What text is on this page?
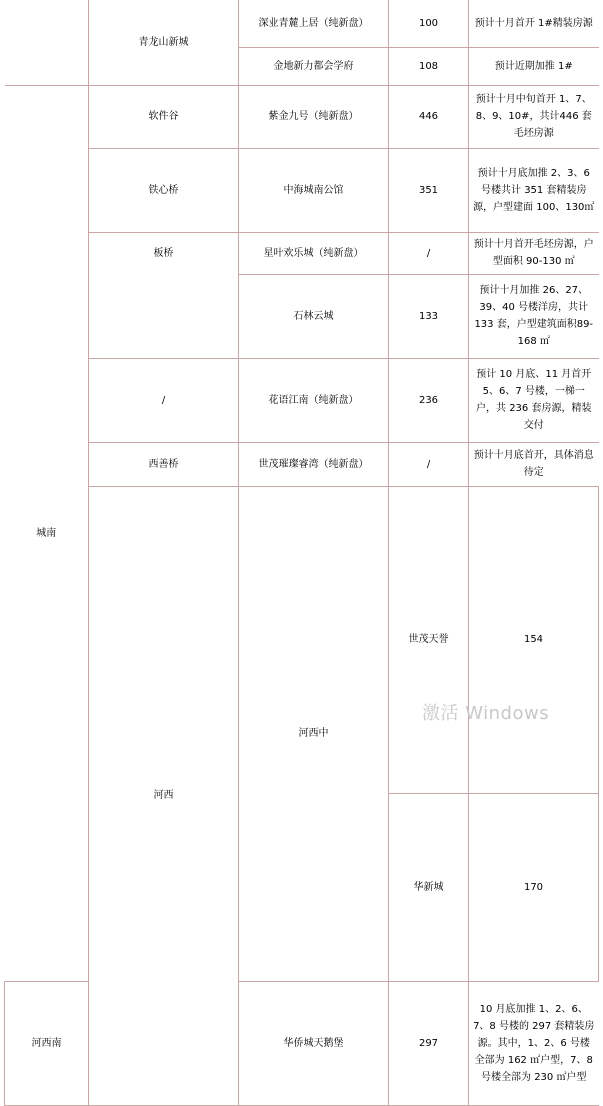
	青龙山新城	深业青麓上居（纯新盘）	100	预计十月首开 1#精装房源	
		金地新力都会学府	108	预计近期加推 1#	
城南	软件谷	紫金九号（纯新盘）	446	预计十月中旬首开 1、7、8、9、10#，共计446 套毛坯房源	
	铁心桥	中海城南公馆	351	预计十月底加推 2、3、6号楼共计 351 套精装房源，户型建面 100、130㎡	
	板桥	星叶欢乐城（纯新盘）	/	预计十月首开毛坯房源，户型面积 90-130 ㎡	
		石林云城	133	预计十月加推 26、27、39、40 号楼洋房，共计133 套，户型建筑面积89-168 ㎡	
	/	花语江南（纯新盘）	236	预计 10 月底、11 月首开5、6、7 号楼，一梯一户，共 236 套房源，精装交付	
	西善桥	世茂璀璨睿湾（纯新盘）	/	预计十月底首开，具体消息待定	
	河西	河西中	世茂天誉	154	
			华新城	170	
河西南		华侨城天鹅堡	297	10 月底加推 1、2、6、7、8 号楼的 297 套精装房源。其中，1、2、6 号楼全部为 162 ㎡户型，7、8 号楼全部为 230 ㎡户型	
激活 Windows
